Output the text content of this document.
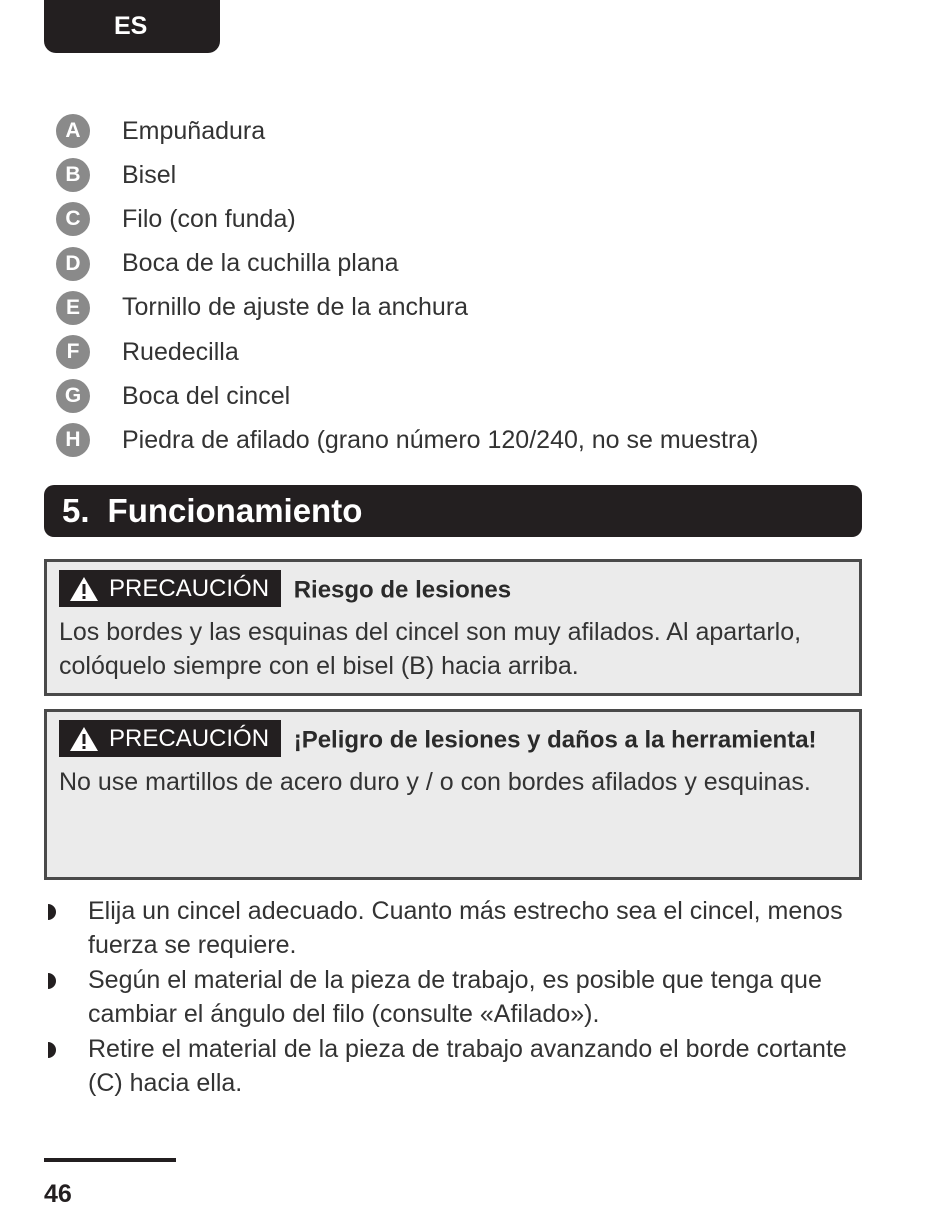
ES
A	Empuñadura
B	Bisel
C	Filo (con funda)
D	Boca de la cuchilla plana
E	Tornillo de ajuste de la anchura
F	Ruedecilla
G	Boca del cincel
H	Piedra de afilado (grano número 120/240, no se muestra)
5. Funcionamiento
PRECAUCIÓN Riesgo de lesiones
Los bordes y las esquinas del cincel son muy afilados. Al apartarlo, colóquelo siempre con el bisel (B) hacia arriba.
PRECAUCIÓN ¡Peligro de lesiones y daños a la herramienta!
No use martillos de acero duro y / o con bordes afilados y esquinas.
Elija un cincel adecuado. Cuanto más estrecho sea el cincel, menos fuerza se requiere.
Según el material de la pieza de trabajo, es posible que tenga que cambiar el ángulo del filo (consulte «Afilado»).
Retire el material de la pieza de trabajo avanzando el borde cortante (C) hacia ella.
46
